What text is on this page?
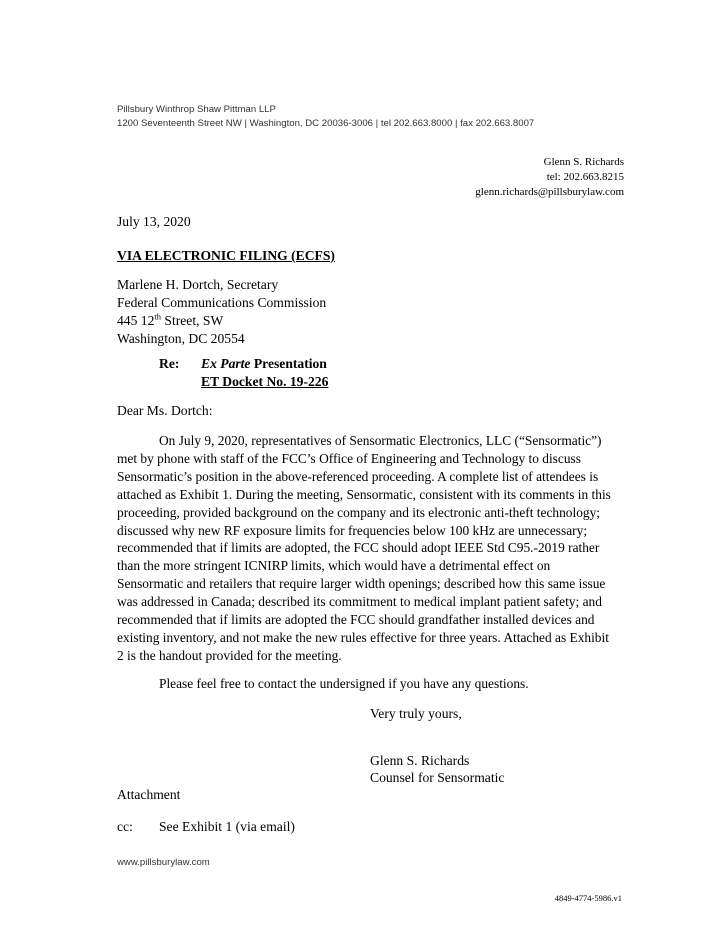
Pillsbury Winthrop Shaw Pittman LLP
1200 Seventeenth Street NW | Washington, DC 20036-3006 | tel 202.663.8000 | fax 202.663.8007
Glenn S. Richards
tel: 202.663.8215
glenn.richards@pillsburylaw.com
July 13, 2020
VIA ELECTRONIC FILING (ECFS)
Marlene H. Dortch, Secretary
Federal Communications Commission
445 12th Street, SW
Washington, DC 20554
Re: Ex Parte Presentation
ET Docket No. 19-226
Dear Ms. Dortch:

On July 9, 2020, representatives of Sensormatic Electronics, LLC (“Sensormatic”) met by phone with staff of the FCC’s Office of Engineering and Technology to discuss Sensormatic’s position in the above-referenced proceeding. A complete list of attendees is attached as Exhibit 1. During the meeting, Sensormatic, consistent with its comments in this proceeding, provided background on the company and its electronic anti-theft technology; discussed why new RF exposure limits for frequencies below 100 kHz are unnecessary; recommended that if limits are adopted, the FCC should adopt IEEE Std C95.-2019 rather than the more stringent ICNIRP limits, which would have a detrimental effect on Sensormatic and retailers that require larger width openings; described how this same issue was addressed in Canada; described its commitment to medical implant patient safety; and recommended that if limits are adopted the FCC should grandfather installed devices and existing inventory, and not make the new rules effective for three years. Attached as Exhibit 2 is the handout provided for the meeting.

Please feel free to contact the undersigned if you have any questions.

Very truly yours,
Glenn S. Richards
Counsel for Sensormatic
Attachment
cc: See Exhibit 1 (via email)
www.pillsburylaw.com
4849-4774-5986.v1
